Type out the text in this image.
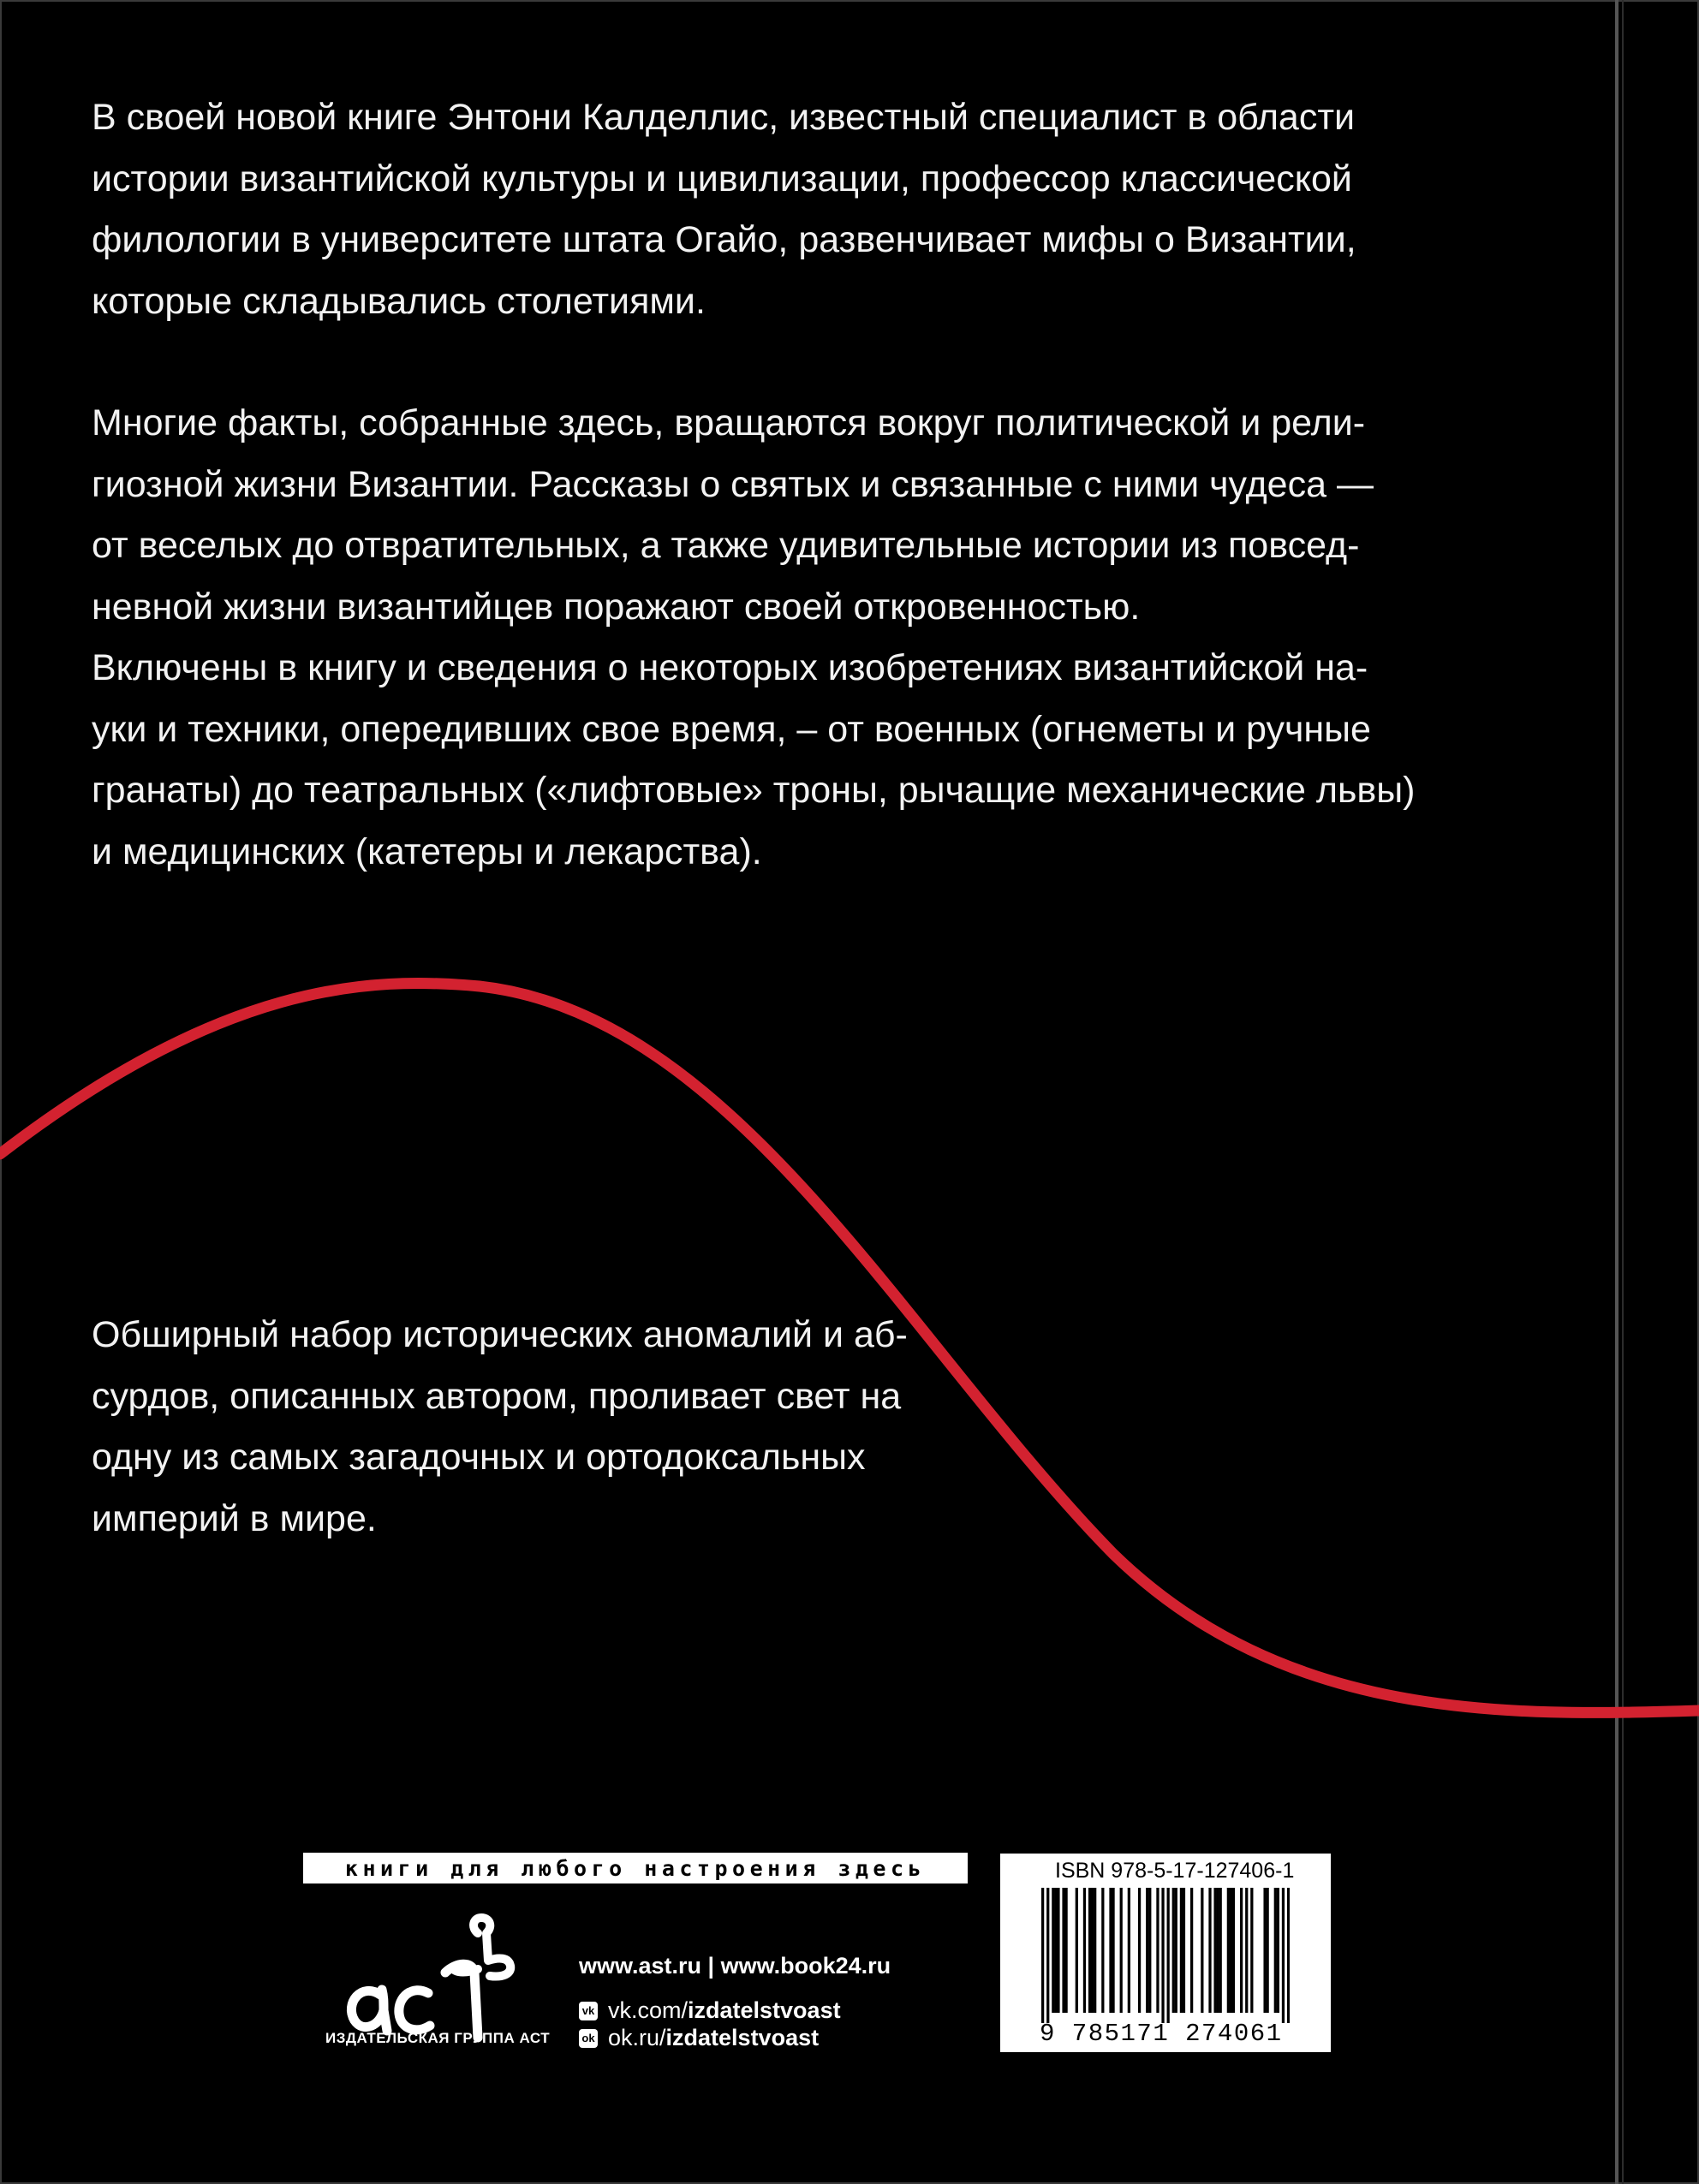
В своей новой книге Энтони Калделлис, известный специалист в области
истории византийской культуры и цивилизации, профессор классической
филологии в университете штата Огайо, развенчивает мифы о Византии,
которые складывались столетиями.
Многие факты, собранные здесь, вращаются вокруг политической и рели-
гиозной жизни Византии. Рассказы о святых и связанные с ними чудеса —
от веселых до отвратительных, а также удивительные истории из повсед-
невной жизни византийцев поражают своей откровенностью.
Включены в книгу и сведения о некоторых изобретениях византийской на-
уки и техники, опередивших свое время, – от военных (огнеметы и ручные
гранаты) до театральных («лифтовые» троны, рычащие механические львы)
и медицинских (катетеры и лекарства).
Обширный набор исторических аномалий и аб-
сурдов, описанных автором, проливает свет на
одну из самых загадочных и ортодоксальных
империй в мире.
книги для любого настроения здесь
ИЗДАТЕЛЬСКАЯ ГРУППА АСТ
www.ast.ru | www.book24.ru
vk vk.com/ izdatelstvoast
ok ok.ru/ izdatelstvoast
ISBN 978-5-17-127406-1
9 785171 274061
